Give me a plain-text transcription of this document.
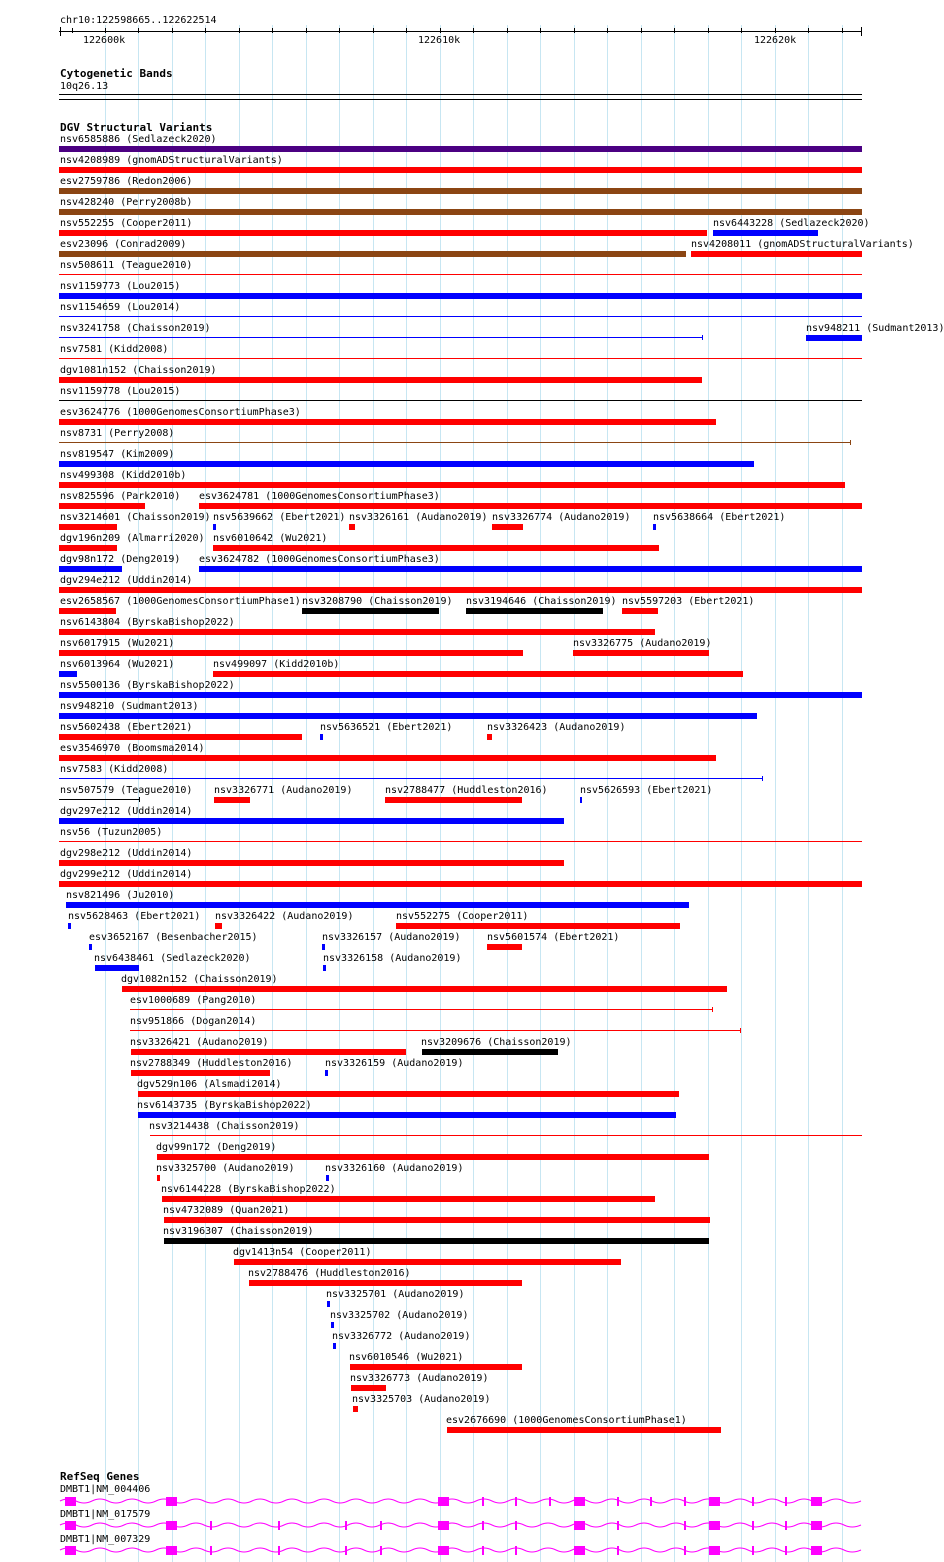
chr10:122598665..122622514
122600k	122610k	122620k
Cytogenetic Bands
10q26.13
DGV Structural Variants
nsv6585886 (Sedlazeck2020)
nsv4208989 (gnomADStructuralVariants)
esv2759786 (Redon2006)
nsv428240 (Perry2008b)
nsv552255 (Cooper2011)	nsv6443228 (Sedlazeck2020)
esv23096 (Conrad2009)	nsv4208011 (gnomADStructuralVariants)
nsv508611 (Teague2010)
nsv1159773 (Lou2015)
nsv1154659 (Lou2014)
nsv3241758 (Chaisson2019)	nsv948211 (Sudmant2013)
nsv7581 (Kidd2008)
dgv1081n152 (Chaisson2019)
nsv1159778 (Lou2015)
esv3624776 (1000GenomesConsortiumPhase3)
nsv8731 (Perry2008)
nsv819547 (Kim2009)
nsv499308 (Kidd2010b)
nsv825596 (Park2010) esv3624781 (1000GenomesConsortiumPhase3)
nsv3214601 (Chaisson2019) nsv5639662 (Ebert2021) nsv3326161 (Audano2019) nsv3326774 (Audano2019) nsv5638664 (Ebert2021)
dgv196n209 (Almarri2020) nsv6010642 (Wu2021)
dgv98n172 (Deng2019) esv3624782 (1000GenomesConsortiumPhase3)
dgv294e212 (Uddin2014)
esv2658567 (1000GenomesConsortiumPhase1) nsv3208790 (Chaisson2019) nsv3194646 (Chaisson2019) nsv5597203 (Ebert2021)
nsv6143804 (ByrskaBishop2022)
nsv6017915 (Wu2021)	nsv3326775 (Audano2019)
nsv6013964 (Wu2021)	nsv499097 (Kidd2010b)
nsv5500136 (ByrskaBishop2022)
nsv948210 (Sudmant2013)
nsv5602438 (Ebert2021)	nsv5636521 (Ebert2021)	nsv3326423 (Audano2019)
esv3546970 (Boomsma2014)
nsv7583 (Kidd2008)
nsv507579 (Teague2010) nsv3326771 (Audano2019)	nsv2788477 (Huddleston2016)	nsv5626593 (Ebert2021)
dgv297e212 (Uddin2014)
nsv56 (Tuzun2005)
dgv298e212 (Uddin2014)
dgv299e212 (Uddin2014)
nsv821496 (Ju2010)
nsv5628463 (Ebert2021) nsv3326422 (Audano2019)	nsv552275 (Cooper2011)
esv3652167 (Besenbacher2015)	nsv3326157 (Audano2019)	nsv5601574 (Ebert2021)
nsv6438461 (Sedlazeck2020)	nsv3326158 (Audano2019)
dgv1082n152 (Chaisson2019)
esv1000689 (Pang2010)
nsv951866 (Dogan2014)
nsv3326421 (Audano2019)	nsv3209676 (Chaisson2019)
nsv2788349 (Huddleston2016)	nsv3326159 (Audano2019)
dgv529n106 (Alsmadi2014)
nsv6143735 (ByrskaBishop2022)
nsv3214438 (Chaisson2019)
dgv99n172 (Deng2019)
nsv3325700 (Audano2019)	nsv3326160 (Audano2019)
nsv6144228 (ByrskaBishop2022)
nsv4732089 (Quan2021)
nsv3196307 (Chaisson2019)
dgv1413n54 (Cooper2011)
nsv2788476 (Huddleston2016)
nsv3325701 (Audano2019)
nsv3325702 (Audano2019)
nsv3326772 (Audano2019)
nsv6010546 (Wu2021)
nsv3326773 (Audano2019)
nsv3325703 (Audano2019)
esv2676690 (1000GenomesConsortiumPhase1)
RefSeq Genes
DMBT1|NM_004406
DMBT1|NM_017579
DMBT1|NM_007329
